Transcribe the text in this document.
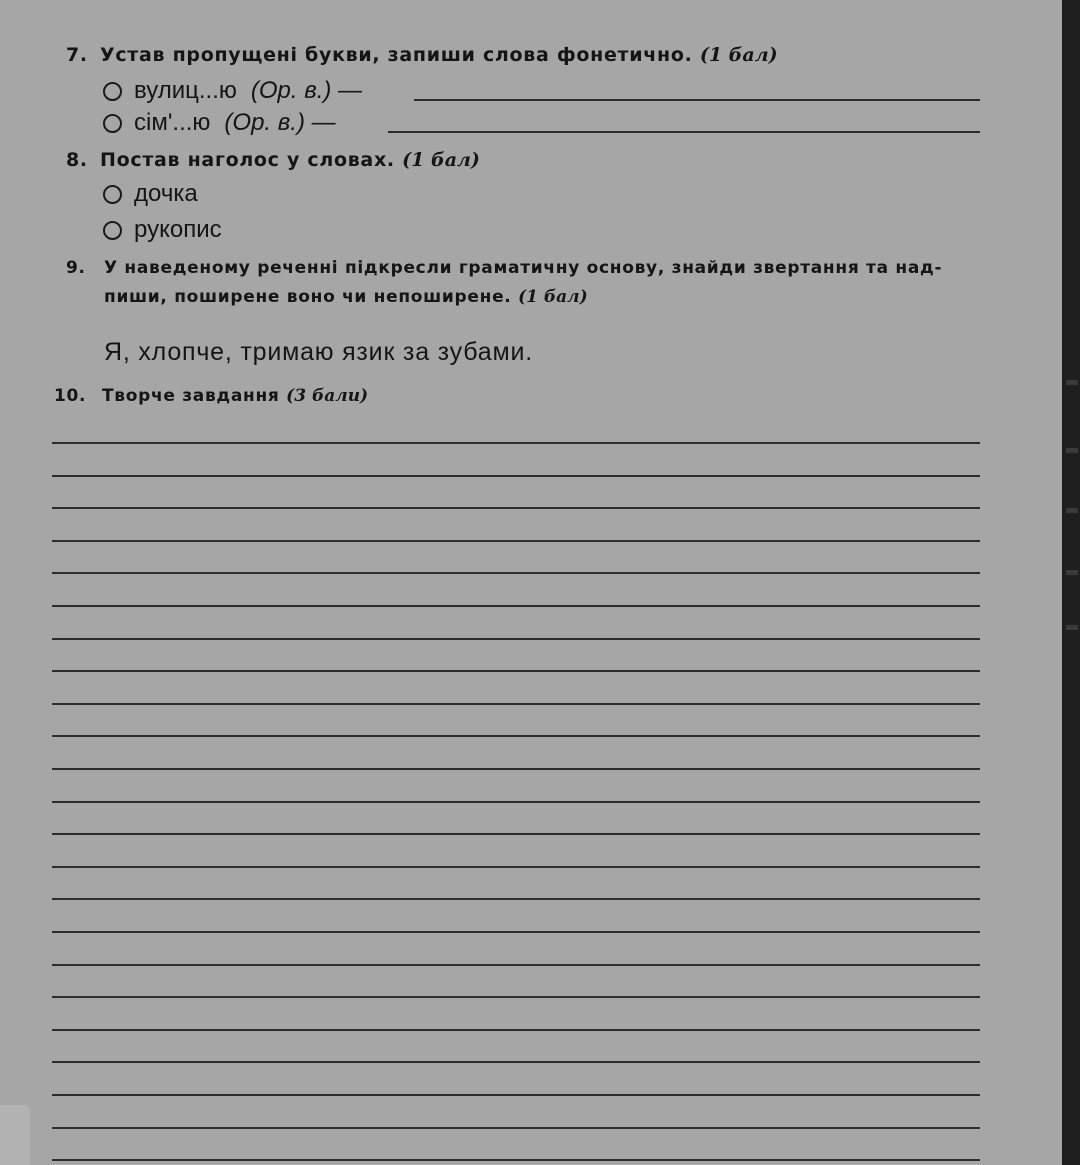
7. Устав пропущені букви, запиши слова фонетично. (1 бал)
вулиц...ю (Ор. в.) —
сім'...ю (Ор. в.) —
8. Постав наголос у словах. (1 бал)
дочка
рукопис
9. У наведеному реченні підкресли граматичну основу, знайди звертання та над-
пиши, поширене воно чи непоширене. (1 бал)
Я, хлопче, тримаю язик за зубами.
10. Творче завдання (3 бали)
